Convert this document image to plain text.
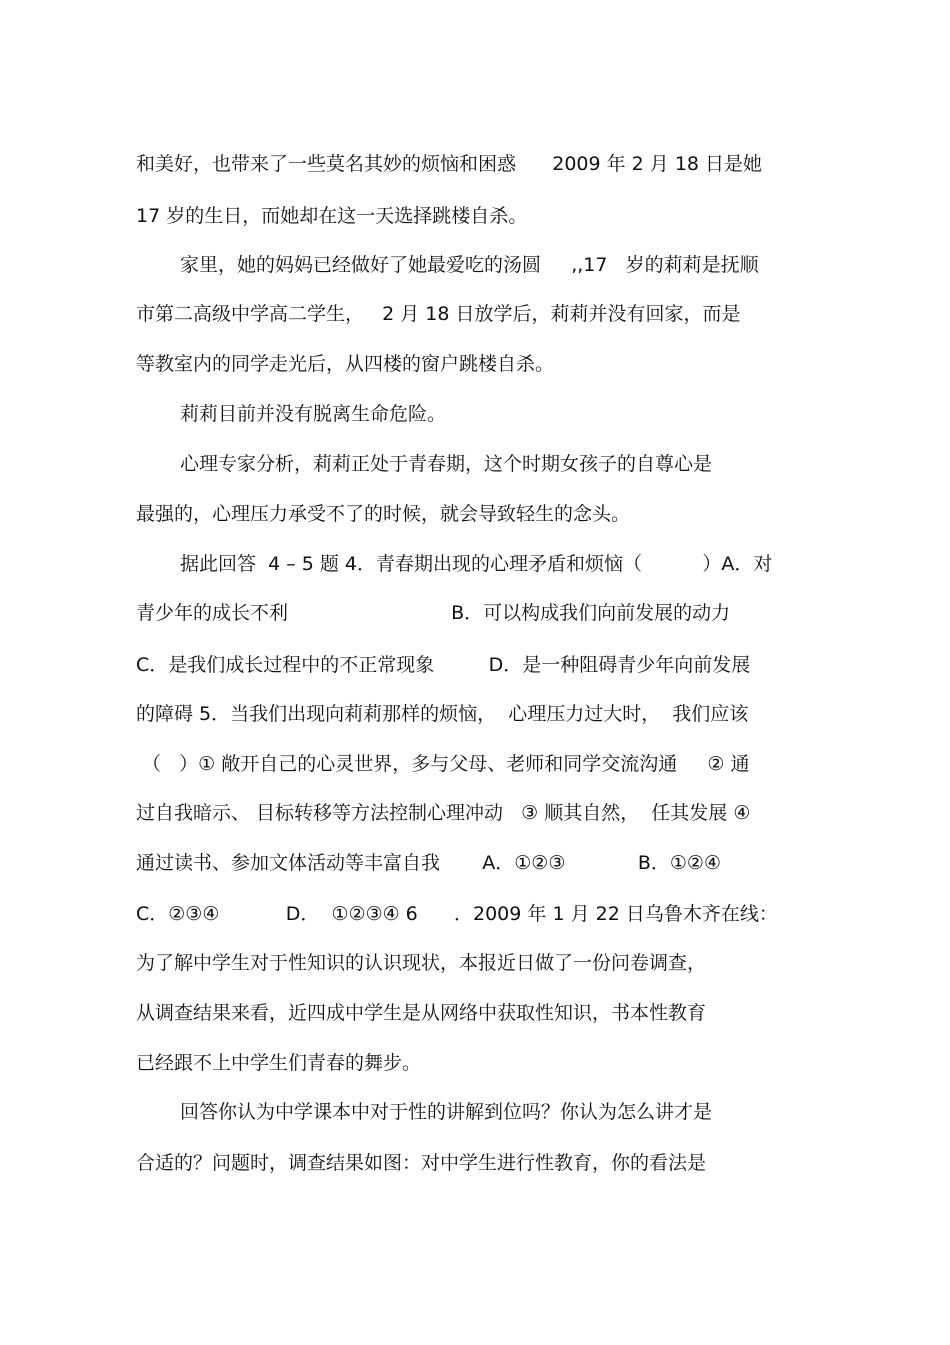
和美好，也带来了一些莫名其妙的烦恼和困惑      2009 年 2 月 18 日是她
17 岁的生日，而她却在这一天选择跳楼自杀。
家里，她的妈妈已经做好了她最爱吃的汤圆     ,,17   岁的莉莉是抚顺
市第二高级中学高二学生，   2 月 18 日放学后，莉莉并没有回家，而是
等教室内的同学走光后，从四楼的窗户跳楼自杀。
莉莉目前并没有脱离生命危险。
心理专家分析，莉莉正处于青春期，这个时期女孩子的自尊心是
最强的，心理压力承受不了的时候，就会导致轻生的念头。
据此回答  4 – 5 题 4．青春期出现的心理矛盾和烦恼（          ）A．对
青少年的成长不利                           B．可以构成我们向前发展的动力
C．是我们成长过程中的不正常现象         D．是一种阻碍青少年向前发展
的障碍 5．当我们出现向莉莉那样的烦恼，  心理压力过大时，  我们应该
（   ）① 敞开自己的心灵世界，多与父母、老师和同学交流沟通     ② 通
过自我暗示、 目标转移等方法控制心理冲动   ③ 顺其自然，  任其发展 ④
通过读书、参加文体活动等丰富自我       A．①②③            B．①②④
C．②③④           D．  ①②③④ 6      ．2009 年 1 月 22 日乌鲁木齐在线：
为了解中学生对于性知识的认识现状，本报近日做了一份问卷调查，
从调查结果来看，近四成中学生是从网络中获取性知识，书本性教育
已经跟不上中学生们青春的舞步。
回答你认为中学课本中对于性的讲解到位吗？你认为怎么讲才是
合适的？问题时，调查结果如图：对中学生进行性教育，你的看法是
